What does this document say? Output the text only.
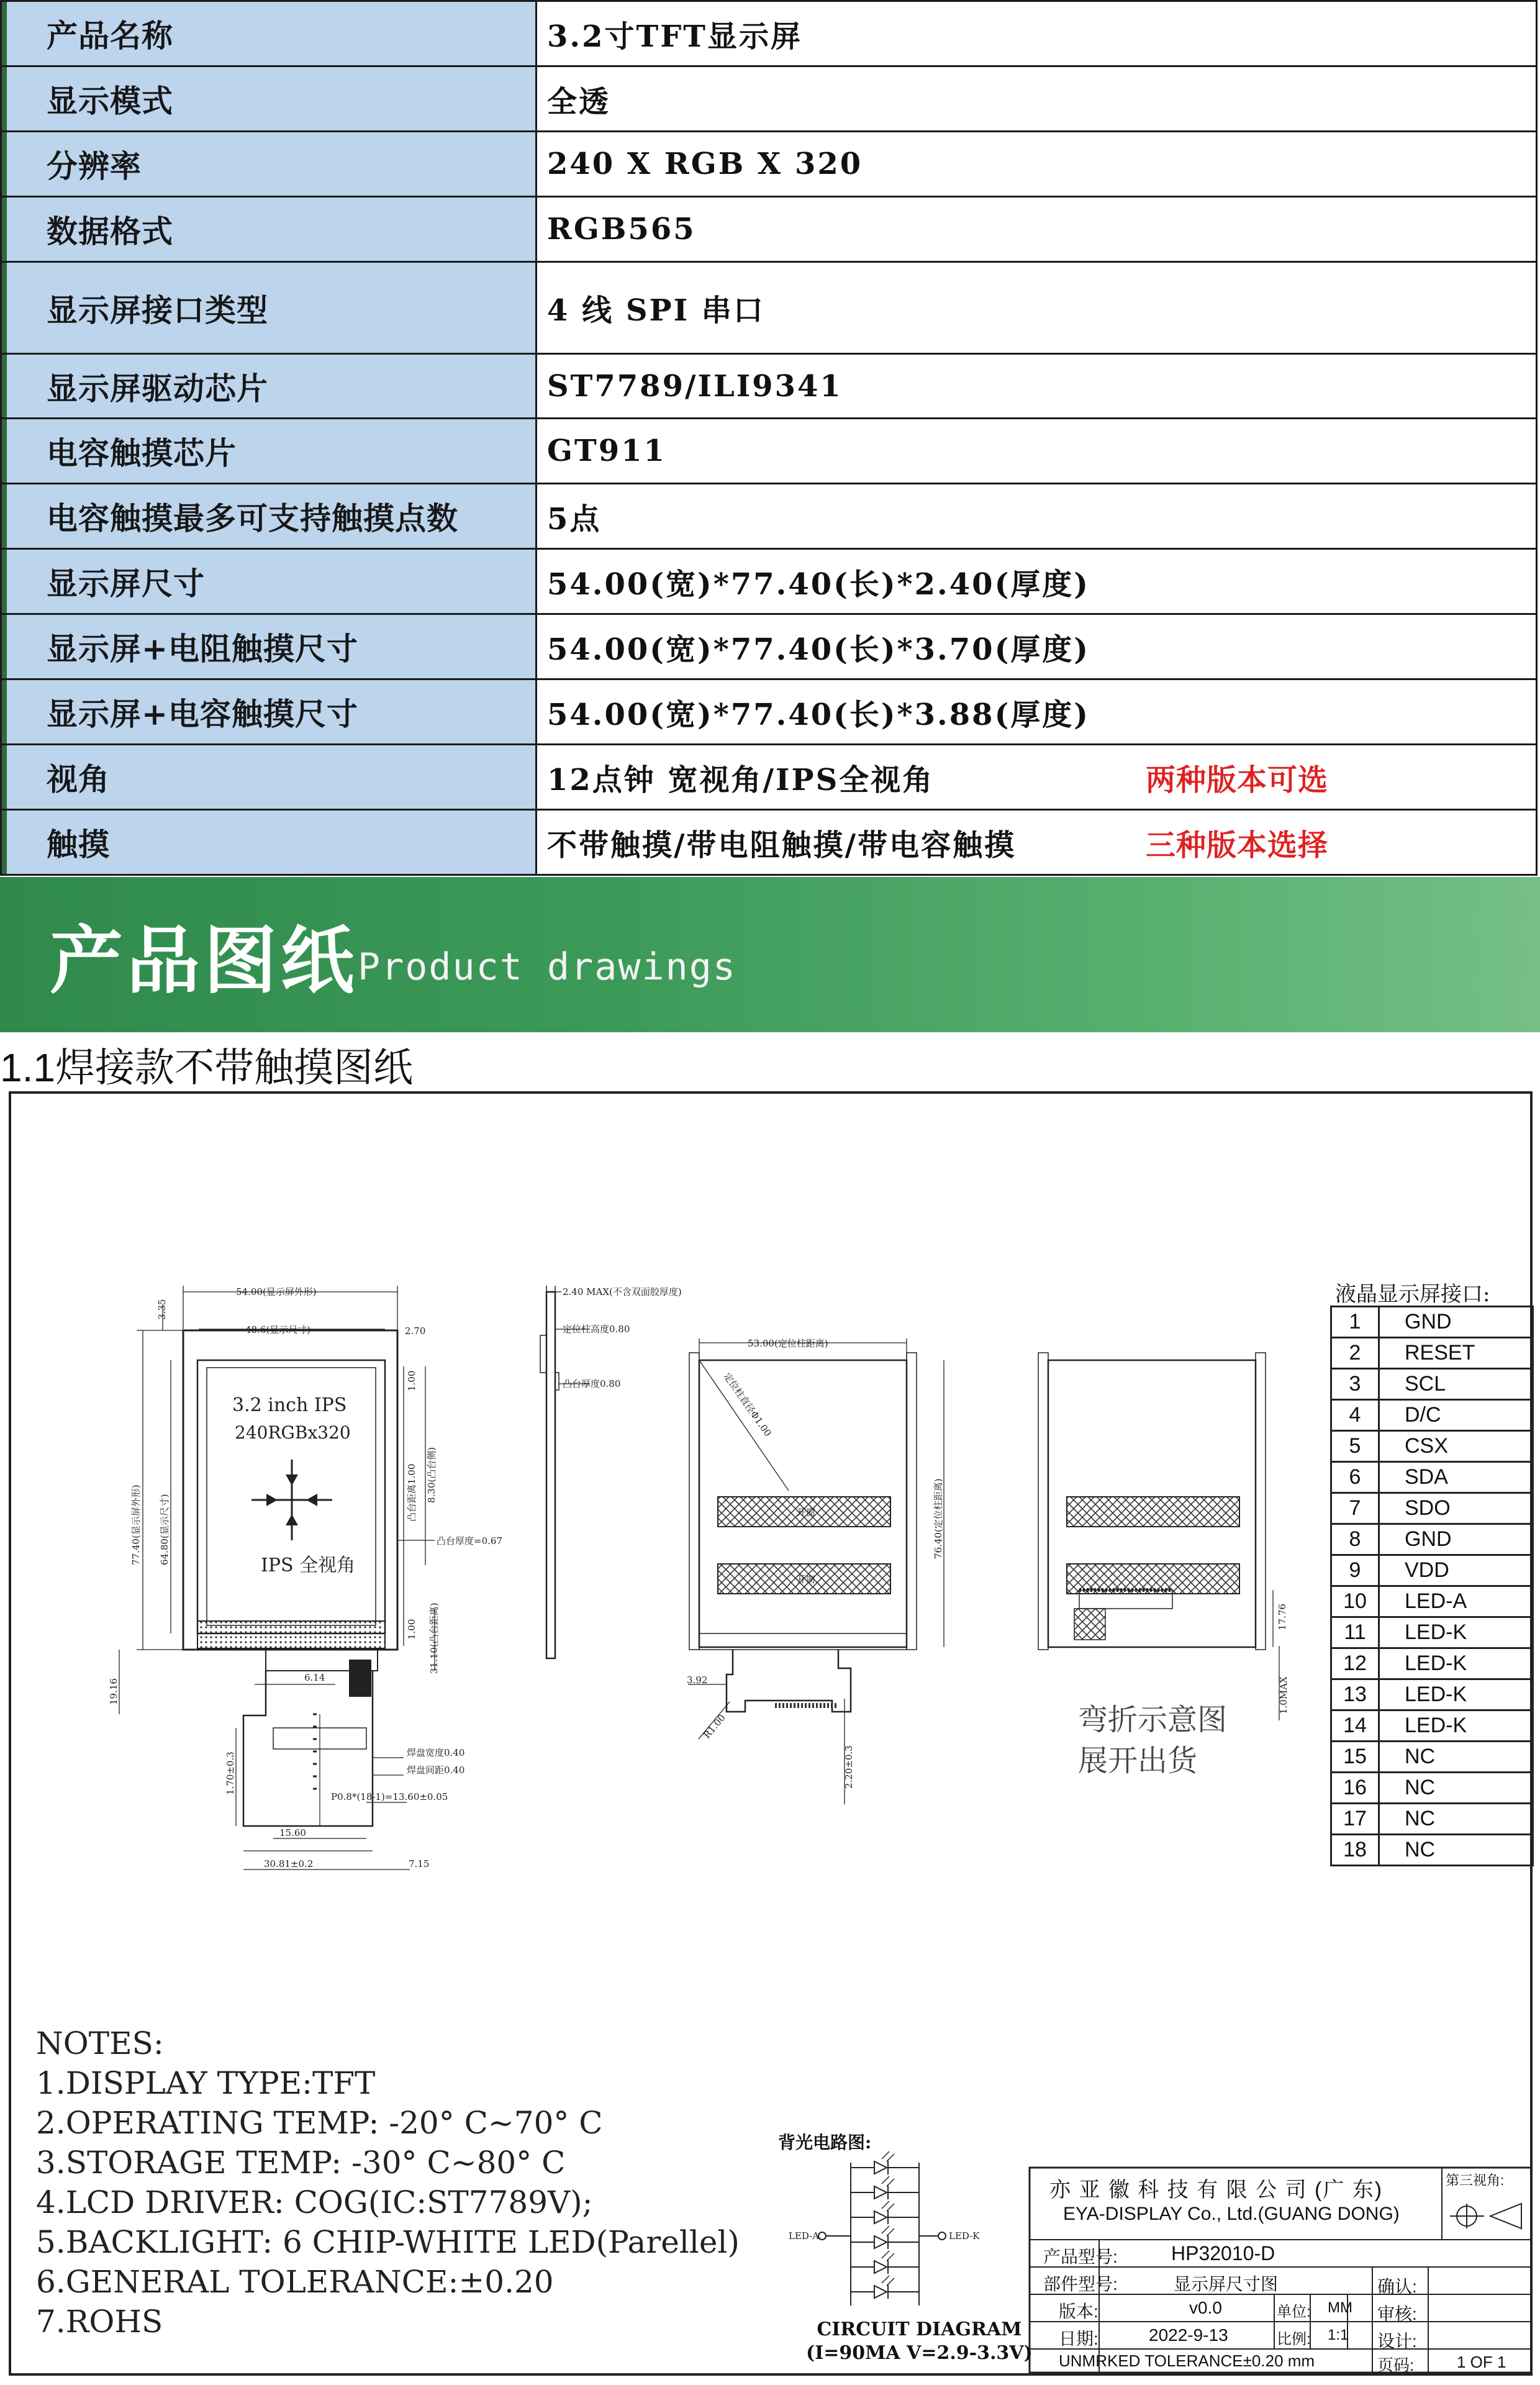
产品名称	3.2寸TFT显示屏
显示模式	全透
分辨率	240 X RGB X 320
数据格式	RGB565
显示屏接口类型	4 线 SPI 串口
显示屏驱动芯片	ST7789/ILI9341
电容触摸芯片	GT911
电容触摸最多可支持触摸点数	5点
显示屏尺寸	54.00(宽)*77.40(长)*2.40(厚度)
显示屏+电阻触摸尺寸	54.00(宽)*77.40(长)*3.70(厚度)
显示屏+电容触摸尺寸	54.00(宽)*77.40(长)*3.88(厚度)
视角	12点钟 宽视角/IPS全视角	两种版本可选
触摸	不带触摸/带电阻触摸/带电容触摸	三种版本选择
产品图纸 Product drawings
1.1焊接款不带触摸图纸
54.00(显示屏外形)
48.6(显示尺寸)	2.70
3.35
77.40(显示屏外形) 64.80(显示尺寸)
1.00
8.30(凸台侧)
凸台距离1.00
凸台厚度=0.67
1.00 31.10(凸台距离)
19.16
6.14
焊盘宽度0.40
焊盘间距0.40
P0.8*(18-1)=13.60±0.05
15.60
30.81±0.2	7.15
1.70±0.3
3.2 inch IPS
240RGBx320
IPS 全视角
2.40 MAX(不含双面胶厚度)
定位柱高度0.80
凸台厚度0.80
53.00(定位柱距离)
定位柱直径Φ1.00
76.40(定位柱距离)
开窗
开窗
3.92
R1.00
2.20±0.3
17.76
1.0MAX
LED-A	LED-K
亦 亚 徽 科 技 有 限 公 司 (广 东)
EYA-DISPLAY Co., Ltd.(GUANG DONG)
第三视角:
产品型号:	HP32010-D
部件型号:	显示屏尺寸图	确认:
版本:	v0.0	单位: MM 审核:
日期:	2022-9-13	比例: 1:1 设计:
UNMRKED TOLERANCE±0.20 mm	页码:	1 OF 1
液晶显示屏接口:
1	GND
2	RESET
3	SCL
4	D/C
5	CSX
6	SDA
7	SDO
8	GND
9	VDD
10	LED-A
11	LED-K
12	LED-K
13	LED-K
14	LED-K
15	NC
16	NC
17	NC
18	NC
弯折示意图
展开出货
NOTES:
1.DISPLAY TYPE:TFT
2.OPERATING TEMP: -20° C~70° C
3.STORAGE TEMP: -30° C~80° C
4.LCD DRIVER: COG(IC:ST7789V);
5.BACKLIGHT: 6 CHIP-WHITE LED(Parellel)
6.GENERAL TOLERANCE:±0.20
7.ROHS
背光电路图:
CIRCUIT DIAGRAM
(I=90MA V=2.9-3.3V)
